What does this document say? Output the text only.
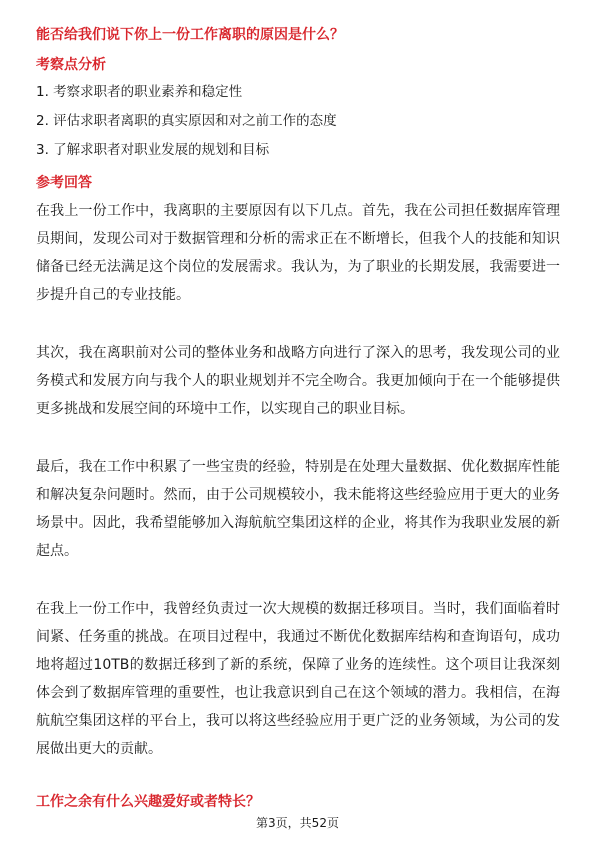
能否给我们说下你上一份工作离职的原因是什么？
考察点分析
1. 考察求职者的职业素养和稳定性
2. 评估求职者离职的真实原因和对之前工作的态度
3. 了解求职者对职业发展的规划和目标
参考回答
在我上一份工作中，我离职的主要原因有以下几点。首先，我在公司担任数据库管理员期间，发现公司对于数据管理和分析的需求正在不断增长，但我个人的技能和知识储备已经无法满足这个岗位的发展需求。我认为，为了职业的长期发展，我需要进一步提升自己的专业技能。
其次，我在离职前对公司的整体业务和战略方向进行了深入的思考，我发现公司的业务模式和发展方向与我个人的职业规划并不完全吻合。我更加倾向于在一个能够提供更多挑战和发展空间的环境中工作，以实现自己的职业目标。
最后，我在工作中积累了一些宝贵的经验，特别是在处理大量数据、优化数据库性能和解决复杂问题时。然而，由于公司规模较小，我未能将这些经验应用于更大的业务场景中。因此，我希望能够加入海航航空集团这样的企业，将其作为我职业发展的新起点。
在我上一份工作中，我曾经负责过一次大规模的数据迁移项目。当时，我们面临着时间紧、任务重的挑战。在项目过程中，我通过不断优化数据库结构和查询语句，成功地将超过10TB的数据迁移到了新的系统，保障了业务的连续性。这个项目让我深刻体会到了数据库管理的重要性，也让我意识到自己在这个领域的潜力。我相信，在海航航空集团这样的平台上，我可以将这些经验应用于更广泛的业务领域，为公司的发展做出更大的贡献。
工作之余有什么兴趣爱好或者特长？
第3页，共52页
